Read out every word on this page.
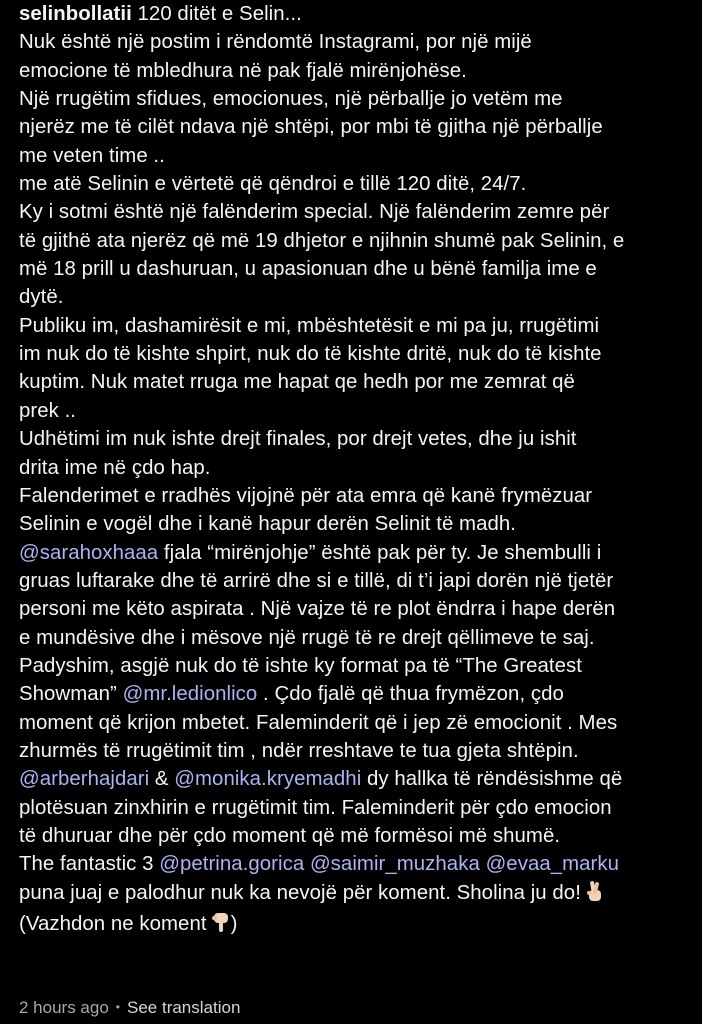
selinbollatii 120 ditët e Selin...
Nuk është një postim i rëndomtë Instagrami, por një mijë
emocione të mbledhura në pak fjalë mirënjohëse.
Një rrugëtim sfidues, emocionues, një përballje jo vetëm me
njerëz me të cilët ndava një shtëpi, por mbi të gjitha një përballje
me veten time ..
me atë Selinin e vërtetë që qëndroi e tillë 120 ditë, 24/7.
Ky i sotmi është një falënderim special. Një falënderim zemre për
të gjithë ata njerëz që më 19 dhjetor e njihnin shumë pak Selinin, e
më 18 prill u dashuruan, u apasionuan dhe u bënë familja ime e
dytë.
Publiku im, dashamirësit e mi, mbështetësit e mi pa ju, rrugëtimi
im nuk do të kishte shpirt, nuk do të kishte dritë, nuk do të kishte
kuptim. Nuk matet rruga me hapat qe hedh por me zemrat që
prek ..
Udhëtimi im nuk ishte drejt finales, por drejt vetes, dhe ju ishit
drita ime në çdo hap.
Falenderimet e rradhës vijojnë për ata emra që kanë frymëzuar
Selinin e vogël dhe i kanë hapur derën Selinit të madh.
@sarahoxhaaa fjala “mirënjohje” është pak për ty. Je shembulli i
gruas luftarake dhe të arrirë dhe si e tillë, di t’i japi dorën një tjetër
personi me këto aspirata . Një vajze të re plot ëndrra i hape derën
e mundësive dhe i mësove një rrugë të re drejt qëllimeve te saj.
Padyshim, asgjë nuk do të ishte ky format pa të “The Greatest
Showman” @mr.ledionlico . Çdo fjalë që thua frymëzon, çdo
moment që krijon mbetet. Faleminderit që i jep zë emocionit . Mes
zhurmës të rrugëtimit tim , ndër rreshtave te tua gjeta shtëpin.
@arberhajdari & @monika.kryemadhi dy hallka të rëndësishme që
plotësuan zinxhirin e rrugëtimit tim. Faleminderit për çdo emocion
të dhuruar dhe për çdo moment që më formësoi më shumë.
The fantastic 3 @petrina.gorica @saimir_muzhaka @evaa_marku
puna juaj e palodhur nuk ka nevojë për koment. Sholina ju do!
(Vazhdon ne koment )
2 hours ago • See translation
